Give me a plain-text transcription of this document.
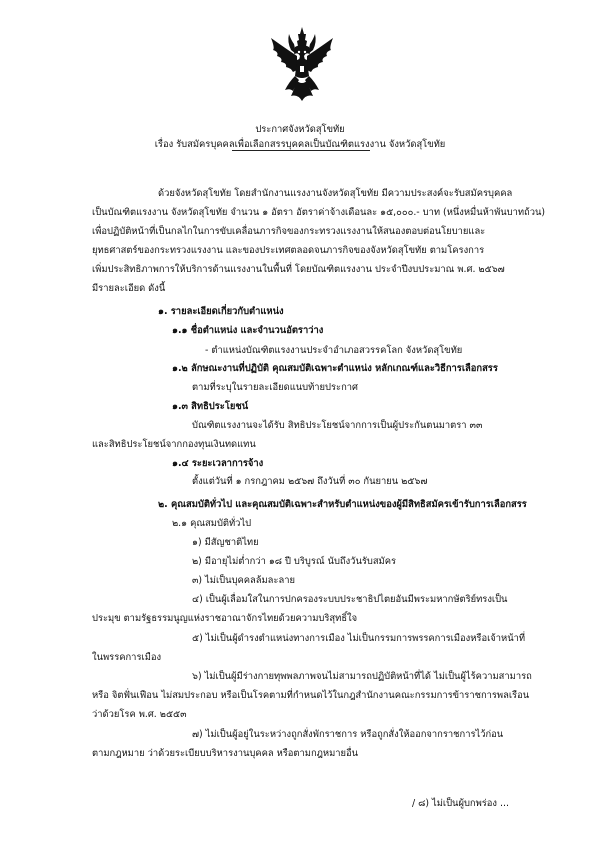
ประกาศจังหวัดสุโขทัย
เรื่อง รับสมัครบุคคลเพื่อเลือกสรรบุคคลเป็นบัณฑิตแรงงาน จังหวัดสุโขทัย
ด้วยจังหวัดสุโขทัย โดยสำนักงานแรงงานจังหวัดสุโขทัย มีความประสงค์จะรับสมัครบุคคล
เป็นบัณฑิตแรงงาน จังหวัดสุโขทัย จำนวน ๑ อัตรา อัตราค่าจ้างเดือนละ ๑๕,๐๐๐.- บาท (หนึ่งหมื่นห้าพันบาทถ้วน)
เพื่อปฏิบัติหน้าที่เป็นกลไกในการขับเคลื่อนภารกิจของกระทรวงแรงงานให้สนองตอบต่อนโยบายและ
ยุทธศาสตร์ของกระทรวงแรงงาน และของประเทศตลอดจนภารกิจของจังหวัดสุโขทัย ตามโครงการ
เพิ่มประสิทธิภาพการให้บริการด้านแรงงานในพื้นที่ โดยบัณฑิตแรงงาน ประจำปีงบประมาณ พ.ศ. ๒๕๖๗
มีรายละเอียด ดังนี้
๑. รายละเอียดเกี่ยวกับตำแหน่ง
๑.๑ ชื่อตำแหน่ง และจำนวนอัตราว่าง
- ตำแหน่งบัณฑิตแรงงานประจำอำเภอสวรรคโลก จังหวัดสุโขทัย
๑.๒ ลักษณะงานที่ปฏิบัติ คุณสมบัติเฉพาะตำแหน่ง หลักเกณฑ์และวิธีการเลือกสรร
ตามที่ระบุในรายละเอียดแนบท้ายประกาศ
๑.๓ สิทธิประโยชน์
บัณฑิตแรงงานจะได้รับ สิทธิประโยชน์จากการเป็นผู้ประกันตนมาตรา ๓๓
และสิทธิประโยชน์จากกองทุนเงินทดแทน
๑.๔ ระยะเวลาการจ้าง
ตั้งแต่วันที่ ๑ กรกฎาคม ๒๕๖๗ ถึงวันที่ ๓๐ กันยายน ๒๕๖๗
๒. คุณสมบัติทั่วไป และคุณสมบัติเฉพาะสำหรับตำแหน่งของผู้มีสิทธิสมัครเข้ารับการเลือกสรร
๒.๑ คุณสมบัติทั่วไป
๑) มีสัญชาติไทย
๒) มีอายุไม่ต่ำกว่า ๑๘ ปี บริบูรณ์ นับถึงวันรับสมัคร
๓) ไม่เป็นบุคคลล้มละลาย
๔) เป็นผู้เลื่อมใสในการปกครองระบบประชาธิปไตยอันมีพระมหากษัตริย์ทรงเป็น
ประมุข ตามรัฐธรรมนูญแห่งราชอาณาจักรไทยด้วยความบริสุทธิ์ใจ
๕) ไม่เป็นผู้ดำรงตำแหน่งทางการเมือง ไม่เป็นกรรมการพรรคการเมืองหรือเจ้าหน้าที่
ในพรรคการเมือง
๖) ไม่เป็นผู้มีร่างกายทุพพลภาพจนไม่สามารถปฏิบัติหน้าที่ได้ ไม่เป็นผู้ไร้ความสามารถ
หรือ จิตฟั่นเฟือน ไม่สมประกอบ หรือเป็นโรคตามที่กำหนดไว้ในกฎสำนักงานคณะกรรมการข้าราชการพลเรือน
ว่าด้วยโรค พ.ศ. ๒๕๕๓
๗) ไม่เป็นผู้อยู่ในระหว่างถูกสั่งพักราชการ หรือถูกสั่งให้ออกจากราชการไว้ก่อน
ตามกฎหมาย ว่าด้วยระเบียบบริหารงานบุคคล หรือตามกฎหมายอื่น
/ ๘) ไม่เป็นผู้บกพร่อง ...
